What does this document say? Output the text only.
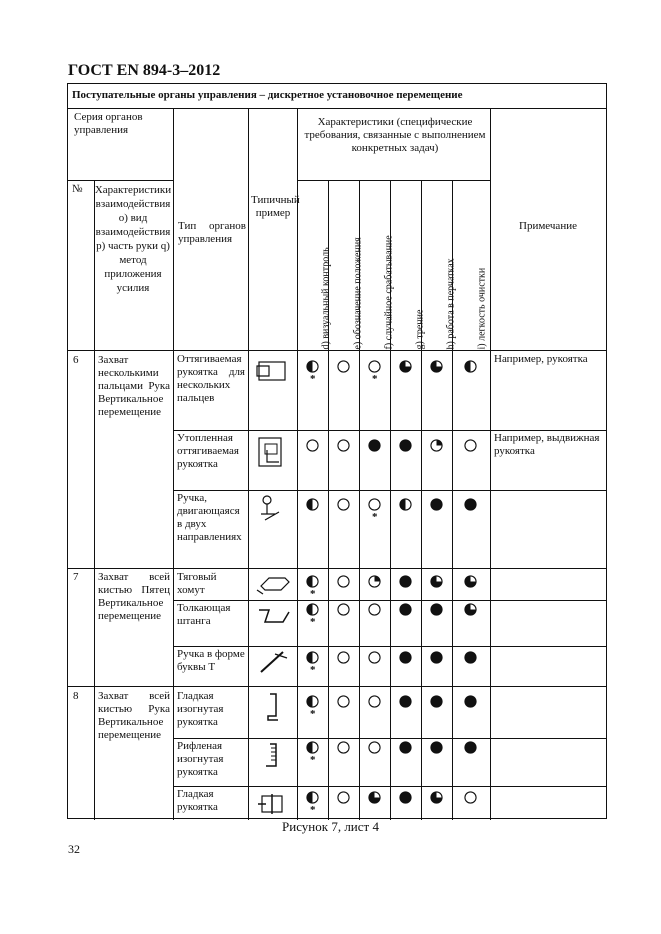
ГОСТ EN 894-3–2012
Поступательные органы управления – дискретное установочное перемещение
Серия органов управления
№ Характеристики взаимодействия о) вид взаимодействия р) часть руки q) метод приложения усилия
Тип органов управления
Типичный пример
Характеристики (специфические требования, связанные с выполнением конкретных задач)
Примечание
d) визуальный контроль e) обозначение положения f) случайное срабатывание g) трение h) работа в перчатках i) легкость очистки
6 Захват несколькими пальцами Рука Вертикальное перемещение
7 Захват всей кистью Пятец Вертикальное перемещение
8 Захват всей кистью Рука Вертикальное перемещение
Оттягиваемая рукоятка для нескольких пальцев
Утопленная оттягиваемая рукоятка
Ручка, двигающаяся в двух направлениях
Тяговый хомут
Толкающая штанга
Ручка в форме буквы Т
Гладкая изогнутая рукоятка
Рифленая изогнутая рукоятка
Гладкая рукоятка
Например, рукоятка
Например, выдвижная рукоятка
*	*
*
*
*
*
*
*
*
Рисунок 7, лист 4
32
